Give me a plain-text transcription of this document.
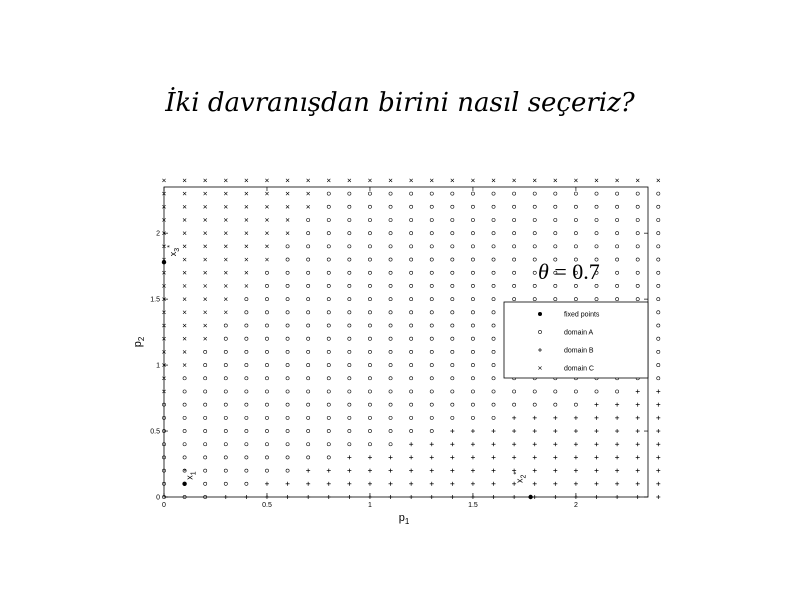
İki davranışdan birini nasıl seçeriz?
0	0.5	1	1.5	2
0
0.5
1
1.5
2
$x_1^*$
$x_2^*$
$x_3^*$
$p_1$
$p_2$
θ = 0.7
fixed points
domain A
domain B
domain C
